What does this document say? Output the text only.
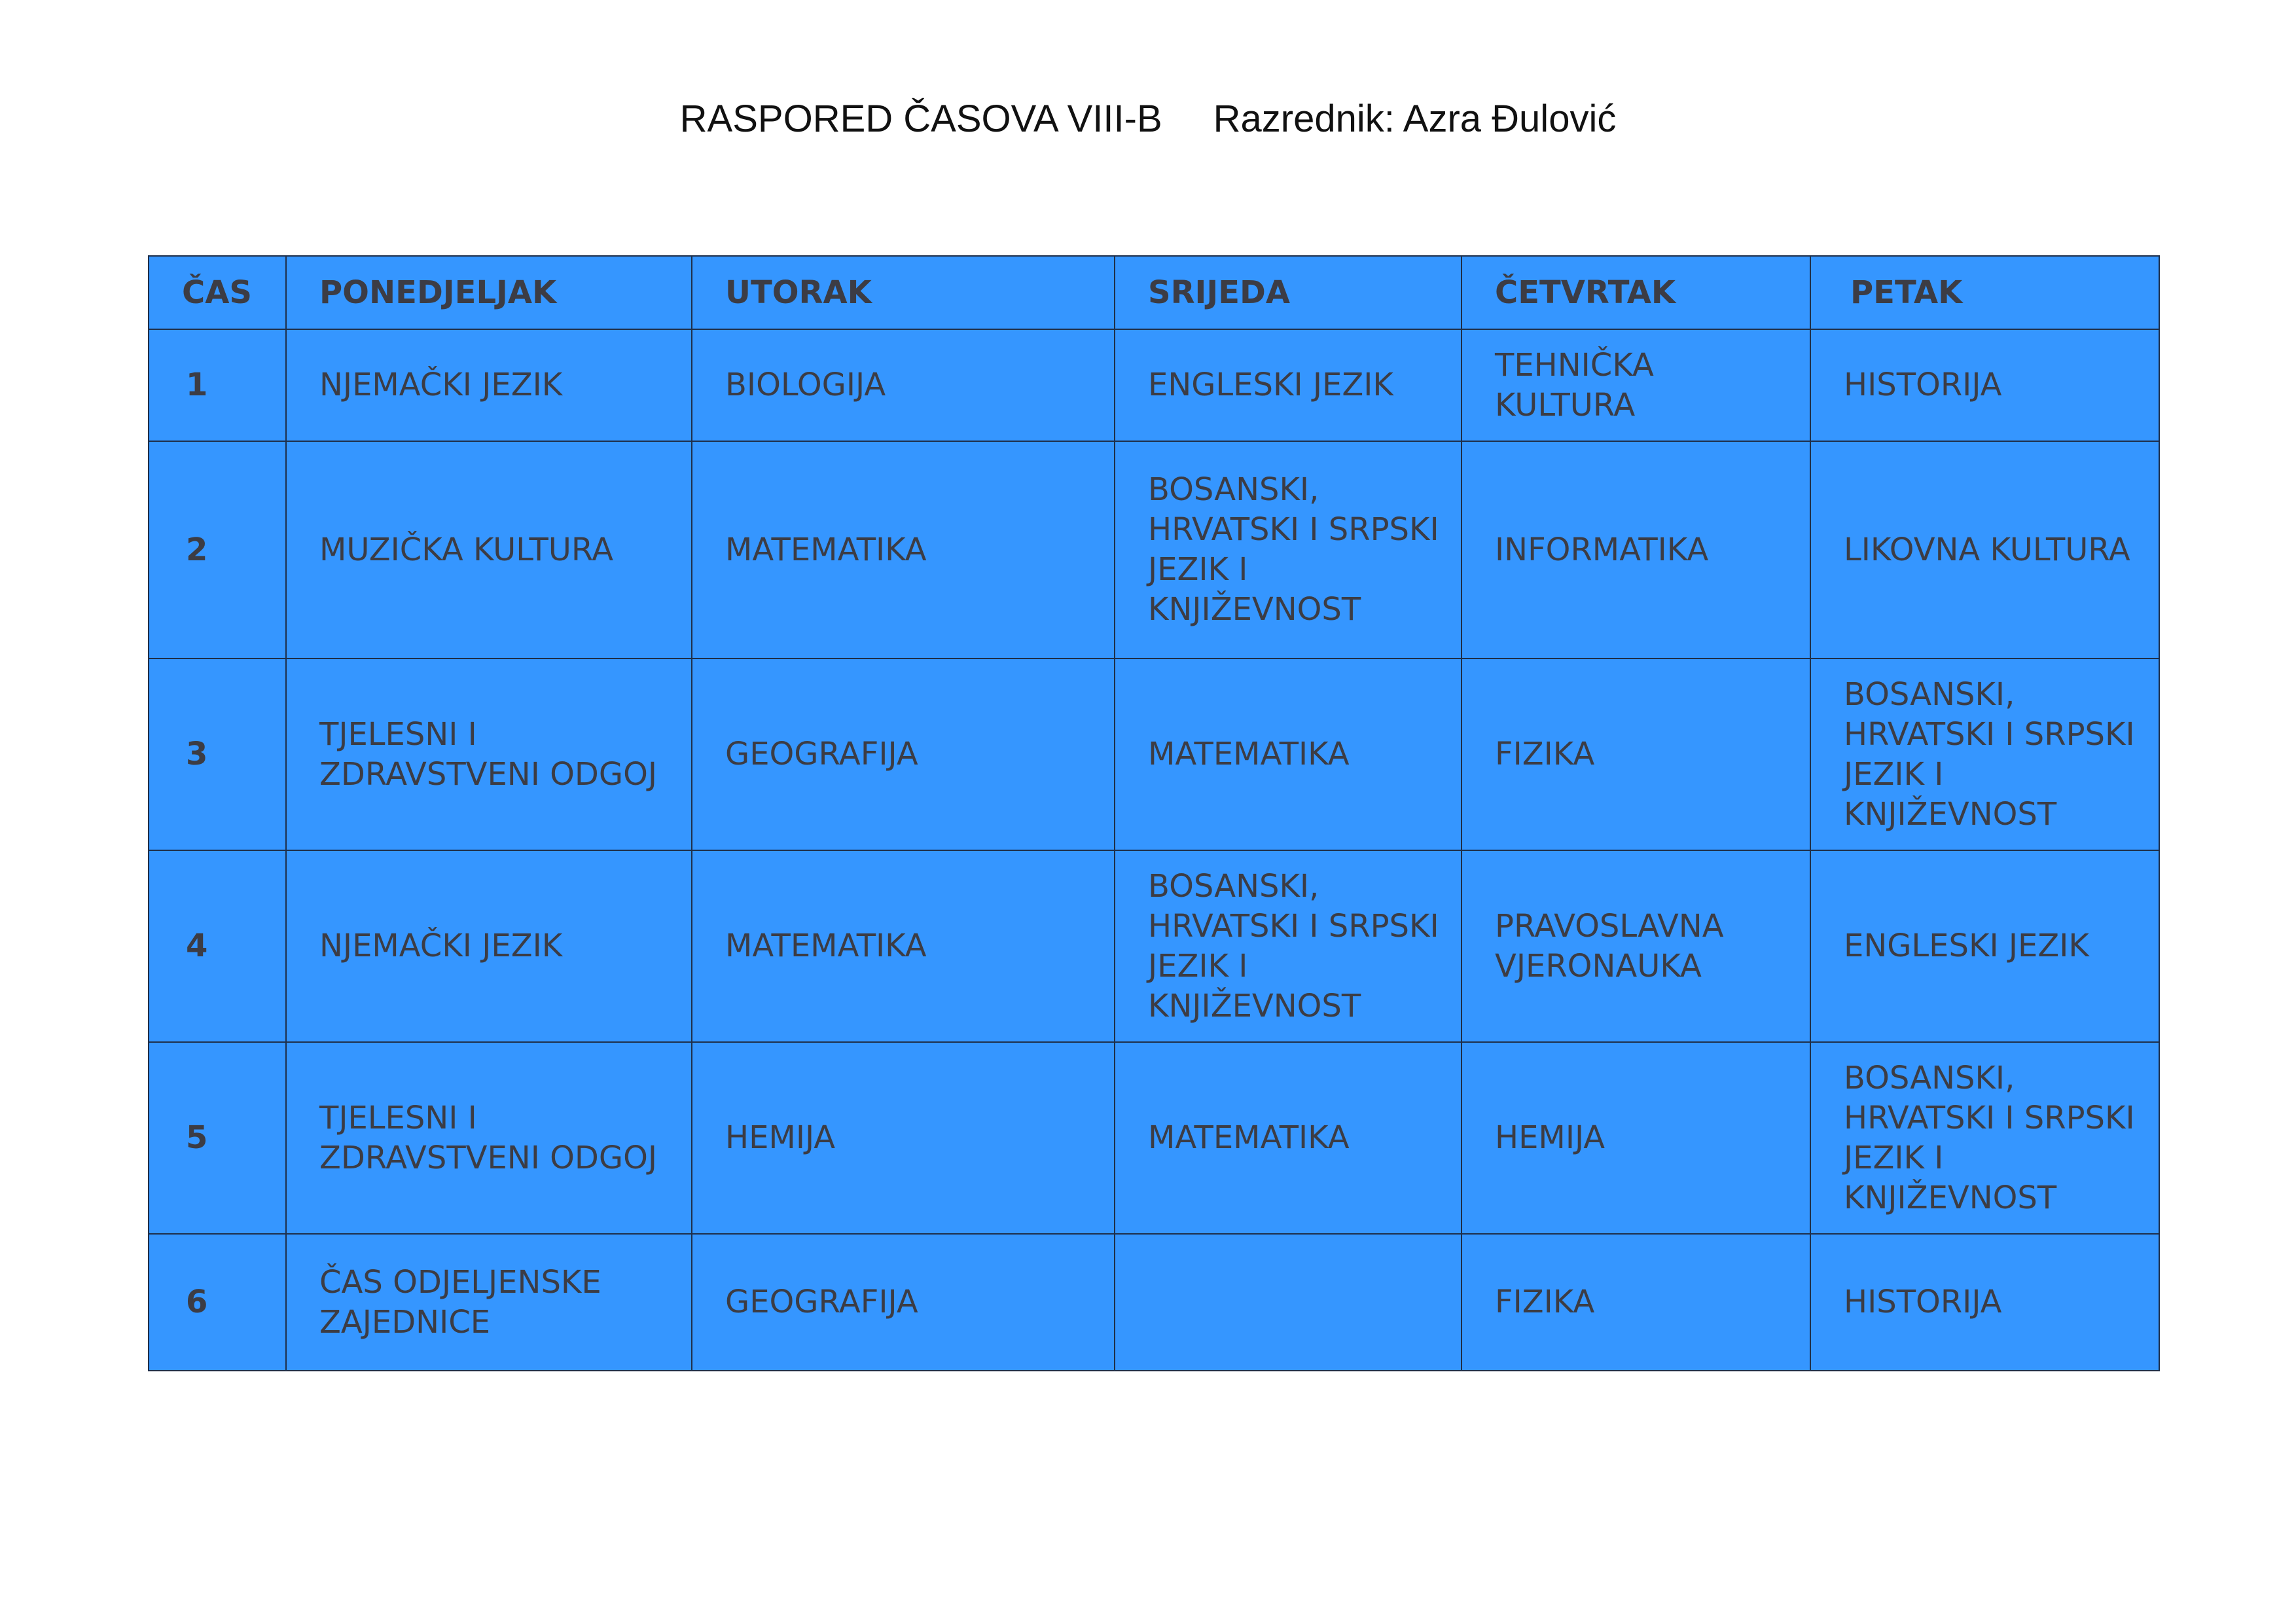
RASPORED ČASOVA VIII-B Razrednik: Azra Đulović
ČAS	PONEDJELJAK	UTORAK	SRIJEDA	ČETVRTAK	PETAK
1	NJEMAČKI JEZIK	BIOLOGIJA	ENGLESKI JEZIK	TEHNIČKA KULTURA	HISTORIJA
2	MUZIČKA KULTURA	MATEMATIKA	BOSANSKI, HRVATSKI I SRPSKI JEZIK I KNJIŽEVNOST	INFORMATIKA	LIKOVNA KULTURA
3	TJELESNI I ZDRAVSTVENI ODGOJ	GEOGRAFIJA	MATEMATIKA	FIZIKA	BOSANSKI, HRVATSKI I SRPSKI JEZIK I KNJIŽEVNOST
4	NJEMAČKI JEZIK	MATEMATIKA	BOSANSKI, HRVATSKI I SRPSKI JEZIK I KNJIŽEVNOST	PRAVOSLAVNA VJERONAUKA	ENGLESKI JEZIK
5	TJELESNI I ZDRAVSTVENI ODGOJ	HEMIJA	MATEMATIKA	HEMIJA	BOSANSKI, HRVATSKI I SRPSKI JEZIK I KNJIŽEVNOST
6	ČAS ODJELJENSKE ZAJEDNICE	GEOGRAFIJA		FIZIKA	HISTORIJA
